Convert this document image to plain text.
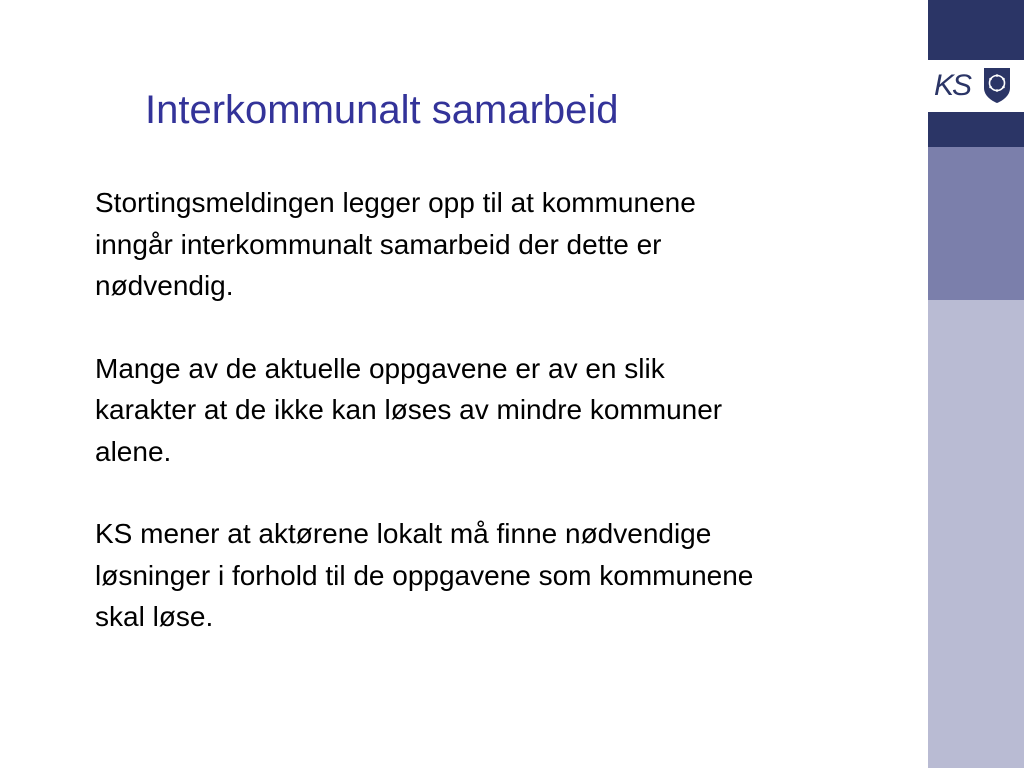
Interkommunalt samarbeid

Stortingsmeldingen legger opp til at kommunene
inngår interkommunalt samarbeid der dette er
nødvendig.

Mange av de aktuelle oppgavene er av en slik
karakter at de ikke kan løses av mindre kommuner
alene.

KS mener at aktørene lokalt må finne nødvendige
løsninger i forhold til de oppgavene som kommunene
skal løse.

KS
